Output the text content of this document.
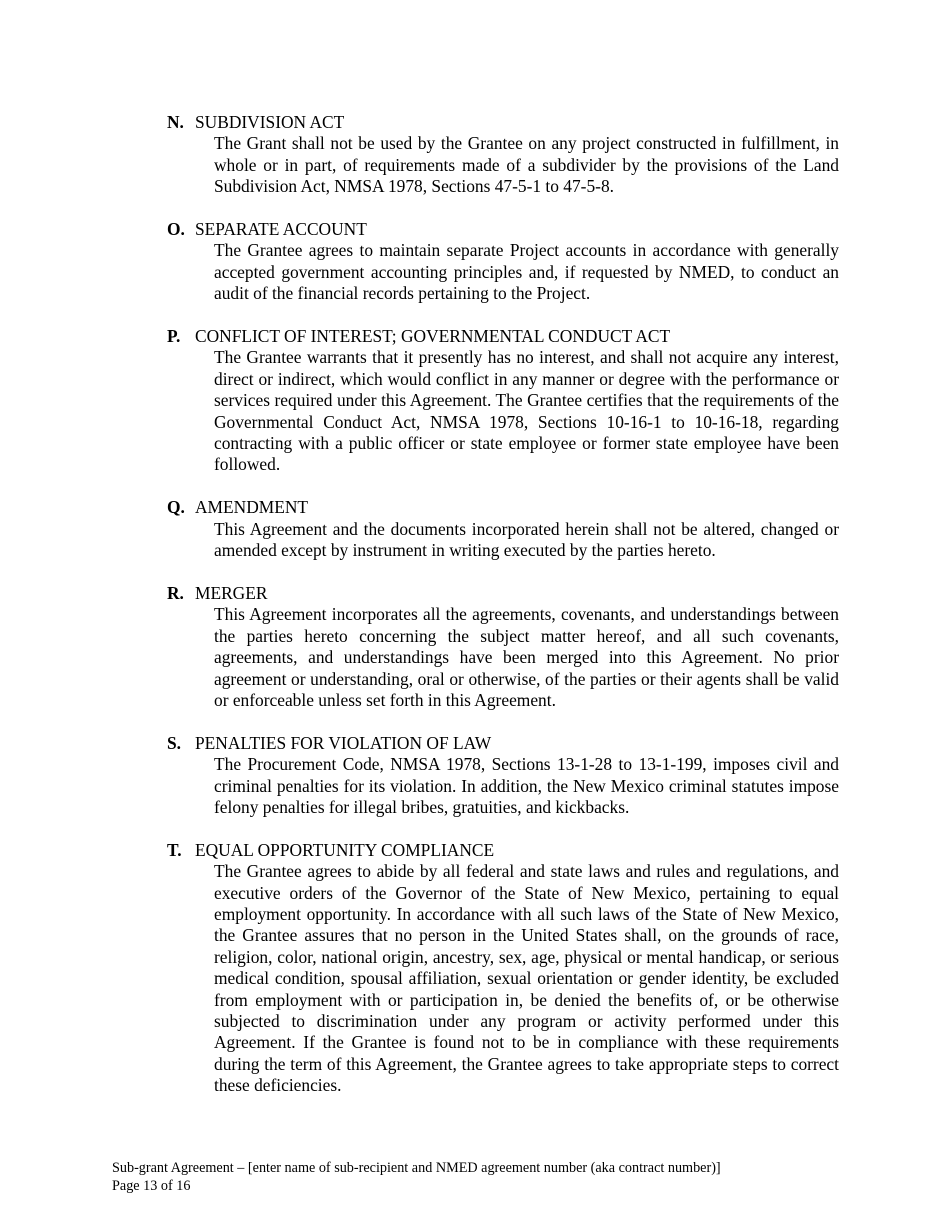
N. SUBDIVISION ACT
The Grant shall not be used by the Grantee on any project constructed in fulfillment, in whole or in part, of requirements made of a subdivider by the provisions of the Land Subdivision Act, NMSA 1978, Sections 47-5-1 to 47-5-8.
O. SEPARATE ACCOUNT
The Grantee agrees to maintain separate Project accounts in accordance with generally accepted government accounting principles and, if requested by NMED, to conduct an audit of the financial records pertaining to the Project.
P. CONFLICT OF INTEREST; GOVERNMENTAL CONDUCT ACT
The Grantee warrants that it presently has no interest, and shall not acquire any interest, direct or indirect, which would conflict in any manner or degree with the performance or services required under this Agreement. The Grantee certifies that the requirements of the Governmental Conduct Act, NMSA 1978, Sections 10-16-1 to 10-16-18, regarding contracting with a public officer or state employee or former state employee have been followed.
Q. AMENDMENT
This Agreement and the documents incorporated herein shall not be altered, changed or amended except by instrument in writing executed by the parties hereto.
R. MERGER
This Agreement incorporates all the agreements, covenants, and understandings between the parties hereto concerning the subject matter hereof, and all such covenants, agreements, and understandings have been merged into this Agreement. No prior agreement or understanding, oral or otherwise, of the parties or their agents shall be valid or enforceable unless set forth in this Agreement.
S. PENALTIES FOR VIOLATION OF LAW
The Procurement Code, NMSA 1978, Sections 13-1-28 to 13-1-199, imposes civil and criminal penalties for its violation. In addition, the New Mexico criminal statutes impose felony penalties for illegal bribes, gratuities, and kickbacks.
T. EQUAL OPPORTUNITY COMPLIANCE
The Grantee agrees to abide by all federal and state laws and rules and regulations, and executive orders of the Governor of the State of New Mexico, pertaining to equal employment opportunity. In accordance with all such laws of the State of New Mexico, the Grantee assures that no person in the United States shall, on the grounds of race, religion, color, national origin, ancestry, sex, age, physical or mental handicap, or serious medical condition, spousal affiliation, sexual orientation or gender identity, be excluded from employment with or participation in, be denied the benefits of, or be otherwise subjected to discrimination under any program or activity performed under this Agreement. If the Grantee is found not to be in compliance with these requirements during the term of this Agreement, the Grantee agrees to take appropriate steps to correct these deficiencies.
Sub-grant Agreement – [enter name of sub-recipient and NMED agreement number (aka contract number)]
Page 13 of 16
